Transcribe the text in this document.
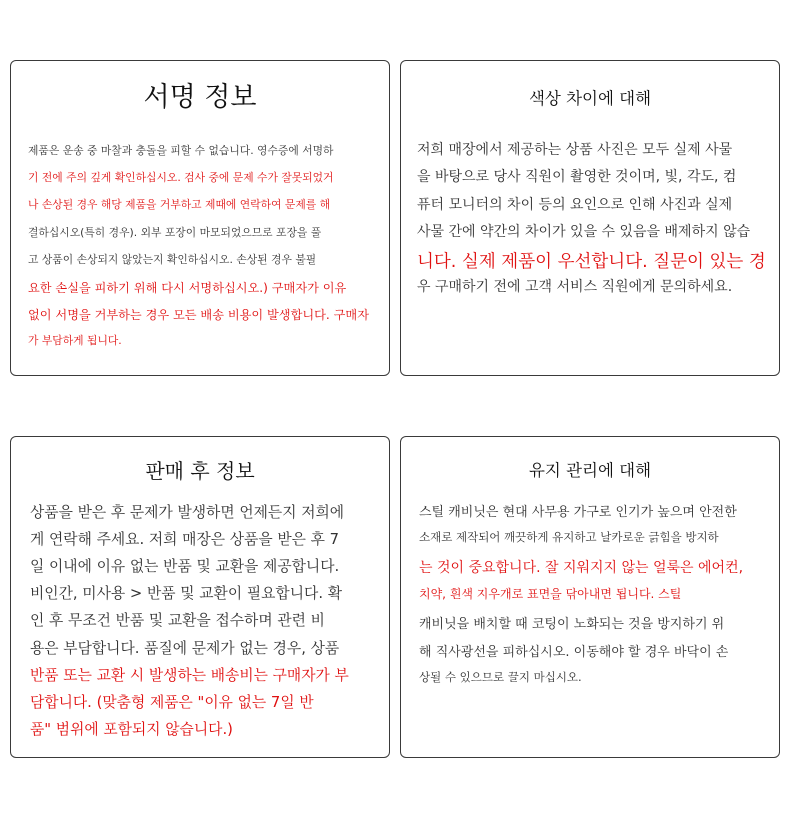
서명 정보
제품은 운송 중 마찰과 충돌을 피할 수 없습니다. 영수증에 서명하
기 전에 주의 깊게 확인하십시오. 검사 중에 문제 수가 잘못되었거
나 손상된 경우 해당 제품을 거부하고 제때에 연락하여 문제를 해
결하십시오(특히 경우). 외부 포장이 마모되었으므로 포장을 풀
고 상품이 손상되지 않았는지 확인하십시오. 손상된 경우 불필
요한 손실을 피하기 위해 다시 서명하십시오.) 구매자가 이유
없이 서명을 거부하는 경우 모든 배송 비용이 발생합니다. 구매자
가 부담하게 됩니다.
색상 차이에 대해
저희 매장에서 제공하는 상품 사진은 모두 실제 사물
을 바탕으로 당사 직원이 촬영한 것이며, 빛, 각도, 컴
퓨터 모니터의 차이 등의 요인으로 인해 사진과 실제
사물 간에 약간의 차이가 있을 수 있음을 배제하지 않습
니다. 실제 제품이 우선합니다. 질문이 있는 경
우 구매하기 전에 고객 서비스 직원에게 문의하세요.
판매 후 정보
상품을 받은 후 문제가 발생하면 언제든지 저희에
게 연락해 주세요. 저희 매장은 상품을 받은 후 7
일 이내에 이유 없는 반품 및 교환을 제공합니다.
비인간, 미사용 > 반품 및 교환이 필요합니다. 확
인 후 무조건 반품 및 교환을 접수하며 관련 비
용은 부담합니다. 품질에 문제가 없는 경우, 상품
반품 또는 교환 시 발생하는 배송비는 구매자가 부
담합니다. (맞춤형 제품은 "이유 없는 7일 반
품" 범위에 포함되지 않습니다.)
유지 관리에 대해
스틸 캐비닛은 현대 사무용 가구로 인기가 높으며 안전한
소재로 제작되어 깨끗하게 유지하고 날카로운 긁힘을 방지하
는 것이 중요합니다. 잘 지워지지 않는 얼룩은 에어컨,
치약, 흰색 지우개로 표면을 닦아내면 됩니다. 스틸
캐비닛을 배치할 때 코팅이 노화되는 것을 방지하기 위
해 직사광선을 피하십시오. 이동해야 할 경우 바닥이 손
상될 수 있으므로 끌지 마십시오.
